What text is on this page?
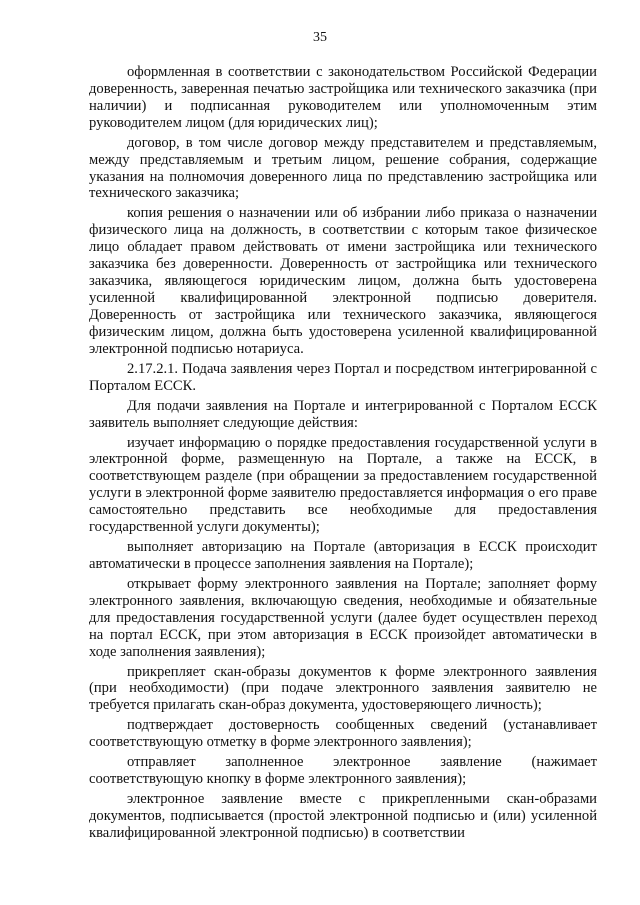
35

оформленная в соответствии с законодательством Российской Федерации доверенность, заверенная печатью застройщика или технического заказчика (при наличии) и подписанная руководителем или уполномоченным этим руководителем лицом (для юридических лиц);

договор, в том числе договор между представителем и представляемым, между представляемым и третьим лицом, решение собрания, содержащие указания на полномочия доверенного лица по представлению застройщика или технического заказчика;

копия решения о назначении или об избрании либо приказа о назначении физического лица на должность, в соответствии с которым такое физическое лицо обладает правом действовать от имени застройщика или технического заказчика без доверенности. Доверенность от застройщика или технического заказчика, являющегося юридическим лицом, должна быть удостоверена усиленной квалифицированной электронной подписью доверителя. Доверенность от застройщика или технического заказчика, являющегося физическим лицом, должна быть удостоверена усиленной квалифицированной электронной подписью нотариуса.

2.17.2.1. Подача заявления через Портал и посредством интегрированной с Порталом ЕССК.

Для подачи заявления на Портале и интегрированной с Порталом ЕССК заявитель выполняет следующие действия:

изучает информацию о порядке предоставления государственной услуги в электронной форме, размещенную на Портале, а также на ЕССК, в соответствующем разделе (при обращении за предоставлением государственной услуги в электронной форме заявителю предоставляется информация о его праве самостоятельно представить все необходимые для предоставления государственной услуги документы);

выполняет авторизацию на Портале (авторизация в ЕССК происходит автоматически в процессе заполнения заявления на Портале);

открывает форму электронного заявления на Портале; заполняет форму электронного заявления, включающую сведения, необходимые и обязательные для предоставления государственной услуги (далее будет осуществлен переход на портал ЕССК, при этом авторизация в ЕССК произойдет автоматически в ходе заполнения заявления);

прикрепляет скан-образы документов к форме электронного заявления (при необходимости) (при подаче электронного заявления заявителю не требуется прилагать скан-образ документа, удостоверяющего личность);

подтверждает достоверность сообщенных сведений (устанавливает соответствующую отметку в форме электронного заявления);

отправляет заполненное электронное заявление (нажимает соответствующую кнопку в форме электронного заявления);

электронное заявление вместе с прикрепленными скан-образами документов, подписывается (простой электронной подписью и (или) усиленной квалифицированной электронной подписью) в соответствии
